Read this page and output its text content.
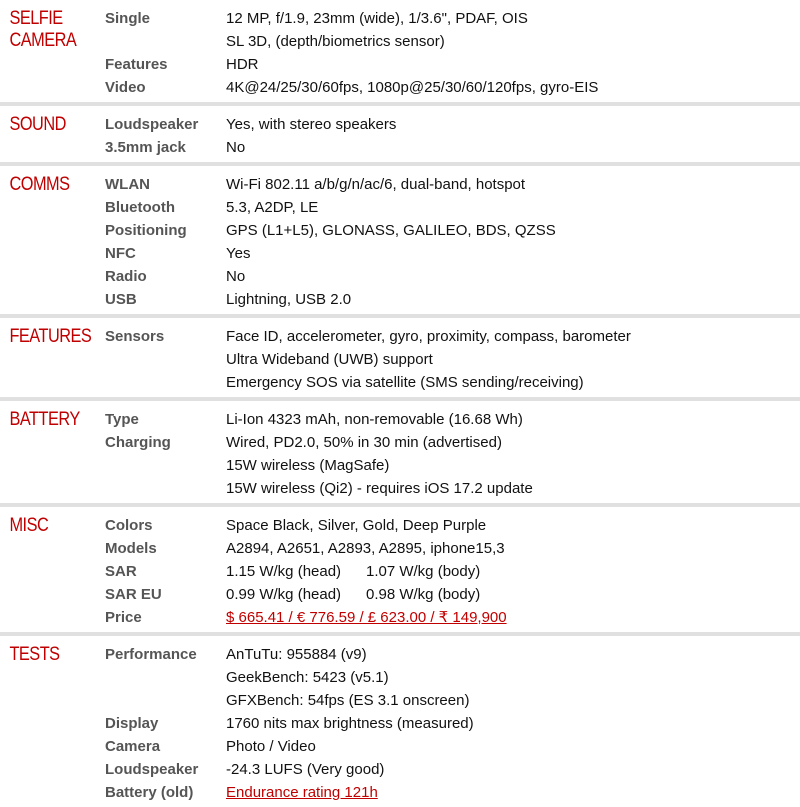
SELFIE
CAMERA
Single	12 MP, f/1.9, 23mm (wide), 1/3.6", PDAF, OIS
SL 3D, (depth/biometrics sensor)
Features	HDR
Video	4K@24/25/30/60fps, 1080p@25/30/60/120fps, gyro-EIS
SOUND	Loudspeaker	Yes, with stereo speakers
3.5mm jack	No
COMMS	WLAN	Wi-Fi 802.11 a/b/g/n/ac/6, dual-band, hotspot
Bluetooth	5.3, A2DP, LE
Positioning	GPS (L1+L5), GLONASS, GALILEO, BDS, QZSS
NFC	Yes
Radio	No
USB	Lightning, USB 2.0
FEATURES Sensors	Face ID, accelerometer, gyro, proximity, compass, barometer
Ultra Wideband (UWB) support
Emergency SOS via satellite (SMS sending/receiving)
BATTERY	Type	Li-Ion 4323 mAh, non-removable (16.68 Wh)
Charging	Wired, PD2.0, 50% in 30 min (advertised)
15W wireless (MagSafe)
15W wireless (Qi2) - requires iOS 17.2 update
MISC	Colors	Space Black, Silver, Gold, Deep Purple
Models	A2894, A2651, A2893, A2895, iphone15,3
SAR	1.15 W/kg (head) 1.07 W/kg (body)
SAR EU	0.99 W/kg (head) 0.98 W/kg (body)
Price	$ 665.41 / € 776.59 / £ 623.00 / ₹ 149,900
TESTS	Performance	AnTuTu: 955884 (v9)
GeekBench: 5423 (v5.1)
GFXBench: 54fps (ES 3.1 onscreen)
Display	1760 nits max brightness (measured)
Camera	Photo / Video
Loudspeaker	-24.3 LUFS (Very good)
Battery (old)	Endurance rating 121h
